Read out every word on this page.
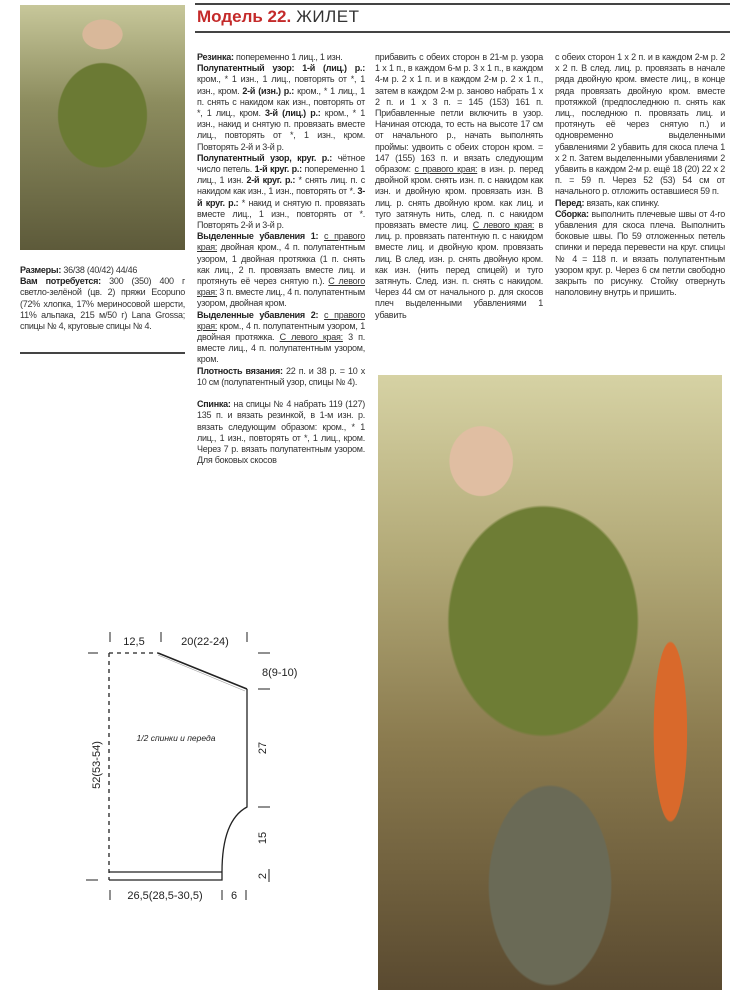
Модель 22. ЖИЛЕТ

Размеры: 36/38 (40/42) 44/46

Вам потребуется: 300 (350) 400 г светло-зелёной (цв. 2) пряжи Ecopuno (72% хлопка, 17% мериносовой шерсти, 11% альпака, 215 м/50 г) Lana Grossa; спицы № 4, круговые спицы № 4.

Резинка: попеременно 1 лиц., 1 изн.

Полупатентный узор: 1-й (лиц.) р.: кром., * 1 изн., 1 лиц., повторять от *, 1 изн., кром. 2-й (изн.) р.: кром., * 1 лиц., 1 п. снять с накидом как изн., повторять от *, 1 лиц., кром. 3-й (лиц.) р.: кром., * 1 изн., накид и снятую п. провязать вместе лиц., повторять от *, 1 изн., кром. Повторять 2-й и 3-й р.

Полупатентный узор, круг. р.: чётное число петель. 1-й круг. р.: попеременно 1 лиц., 1 изн. 2-й круг. р.: * снять лиц. п. с накидом как изн., 1 изн., повторять от *. 3-й круг. р.: * накид и снятую п. провязать вместе лиц., 1 изн., повторять от *. Повторять 2-й и 3-й р.

Выделенные убавления 1: с правого края: двойная кром., 4 п. полупатентным узором, 1 двойная протяжка (1 п. снять как лиц., 2 п. провязать вместе лиц. и протянуть её через снятую п.). С левого края: 3 п. вместе лиц., 4 п. полупатентным узором, двойная кром.

Выделенные убавления 2: с правого края: кром., 4 п. полупатентным узором, 1 двойная протяжка. С левого края: 3 п. вместе лиц., 4 п. полупатентным узором, кром.

Плотность вязания: 22 п. и 38 р. = 10 х 10 см (полупатентный узор, спицы № 4).

Спинка: на спицы № 4 набрать 119 (127) 135 п. и вязать резинкой, в 1-м изн. р. вязать следующим образом: кром., * 1 лиц., 1 изн., повторять от *, 1 лиц., кром. Через 7 р. вязать полупатентным узором. Для боковых скосов

прибавить с обеих сторон в 21-м р. узора 1 х 1 п., в каждом 6-м р. 3 х 1 п., в каждом 4-м р. 2 х 1 п. и в каждом 2-м р. 2 х 1 п., затем в каждом 2-м р. заново набрать 1 х 2 п. и 1 х 3 п. = 145 (153) 161 п. Прибавленные петли включить в узор. Начиная отсюда, то есть на высоте 17 см от начального р., начать выполнять проймы: удвоить с обеих сторон кром. = 147 (155) 163 п. и вязать следующим образом: с правого края: в изн. р. перед двойной кром. снять изн. п. с накидом как изн. и двойную кром. провязать изн. В лиц. р. снять двойную кром. как лиц. и туго затянуть нить, след. п. с накидом провязать вместе лиц. С левого края: в лиц. р. провязать патентную п. с накидом вместе лиц. и двойную кром. провязать лиц. В след. изн. р. снять двойную кром. как изн. (нить перед спицей) и туго затянуть. След. изн. п. снять с накидом. Через 44 см от начального р. для скосов плеч выделенными убавлениями 1 убавить

с обеих сторон 1 х 2 п. и в каждом 2-м р. 2 х 2 п. В след. лиц. р. провязать в начале ряда двойную кром. вместе лиц., в конце ряда провязать двойную кром. вместе протяжкой (предпоследнюю п. снять как лиц., последнюю п. провязать лиц. и протянуть её через снятую п.) и одновременно выделенными убавлениями 2 убавить для скоса плеча 1 х 2 п. Затем выделенными убавлениями 2 убавить в каждом 2-м р. ещё 18 (20) 22 х 2 п. = 59 п. Через 52 (53) 54 см от начального р. отложить оставшиеся 59 п.

Перед: вязать, как спинку.

Сборка: выполнить плечевые швы от 4-го убавления для скоса плеча. Выполнить боковые швы. По 59 отложенных петель спинки и переда перевести на круг. спицы № 4 = 118 п. и вязать полупатентным узором круг. р. Через 6 см петли свободно закрыть по рисунку. Стойку отвернуть наполовину внутрь и пришить.

12,5	20(22-24)
8(9-10)
27
15
2
52(53-54)
1/2 спинки и переда
26,5(28,5-30,5)	6
